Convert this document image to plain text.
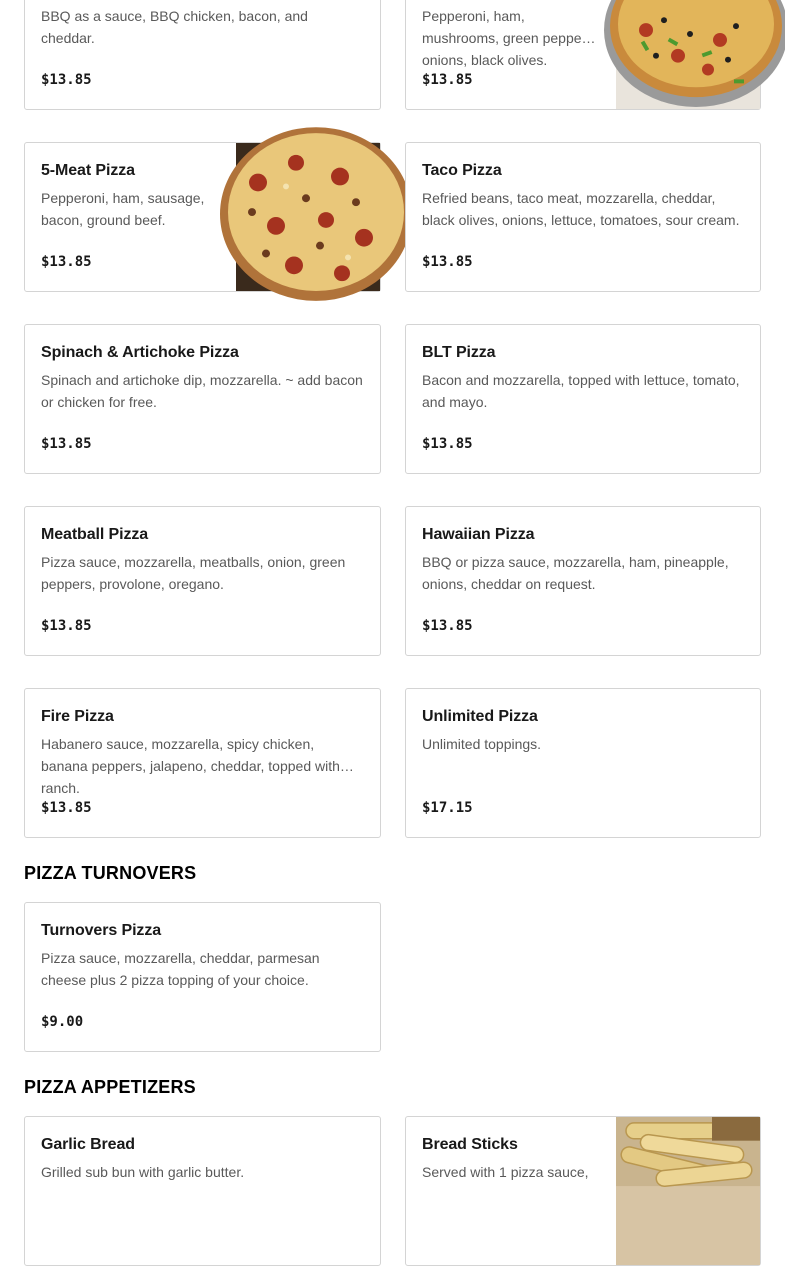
BBQ as a sauce, BBQ chicken, bacon, and cheddar.
$13.85
Pepperoni, ham, mushrooms, green peppers, onions, black olives.
$13.85
5-Meat Pizza
Pepperoni, ham, sausage, bacon, ground beef.
$13.85
Taco Pizza
Refried beans, taco meat, mozzarella, cheddar, black olives, onions, lettuce, tomatoes, sour cream.
$13.85
Spinach & Artichoke Pizza
Spinach and artichoke dip, mozzarella. ~ add bacon or chicken for free.
$13.85
BLT Pizza
Bacon and mozzarella, topped with lettuce, tomato, and mayo.
$13.85
Meatball Pizza
Pizza sauce, mozzarella, meatballs, onion, green peppers, provolone, oregano.
$13.85
Hawaiian Pizza
BBQ or pizza sauce, mozzarella, ham, pineapple, onions, cheddar on request.
$13.85
Fire Pizza
Habanero sauce, mozzarella, spicy chicken, banana peppers, jalapeno, cheddar, topped with ranch.
$13.85
Unlimited Pizza
Unlimited toppings.
$17.15
PIZZA TURNOVERS
Turnovers Pizza
Pizza sauce, mozzarella, cheddar, parmesan cheese plus 2 pizza topping of your choice.
$9.00
PIZZA APPETIZERS
Garlic Bread
Grilled sub bun with garlic butter.
Bread Sticks
Served with 1 pizza sauce,
